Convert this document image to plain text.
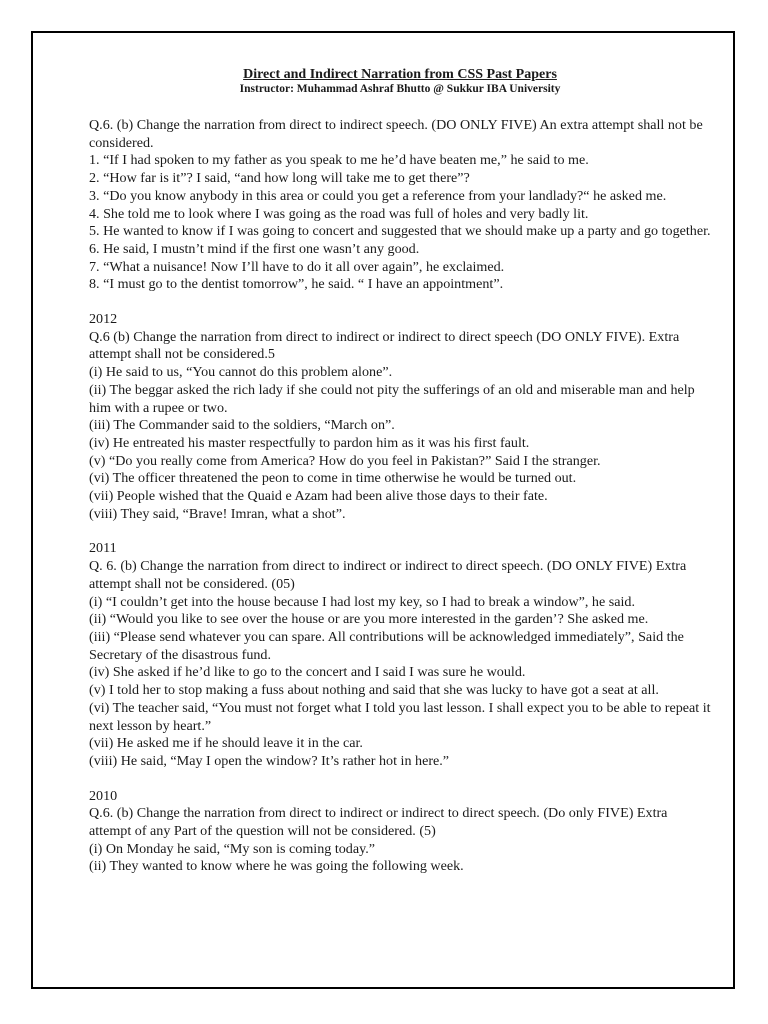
Direct and Indirect Narration from CSS Past Papers

Instructor: Muhammad Ashraf Bhutto @ Sukkur IBA University

Q.6. (b) Change the narration from direct to indirect speech. (DO ONLY FIVE) An extra attempt shall not be considered.

1. “If I had spoken to my father as you speak to me he’d have beaten me,” he said to me.

2. “How far is it”? I said, “and how long will take me to get there”?

3. “Do you know anybody in this area or could you get a reference from your landlady?“ he asked me.

4. She told me to look where I was going as the road was full of holes and very badly lit.

5. He wanted to know if I was going to concert and suggested that we should make up a party and go together.

6. He said, I mustn’t mind if the first one wasn’t any good.

7. “What a nuisance! Now I’ll have to do it all over again”, he exclaimed.

8. “I must go to the dentist tomorrow”, he said. “ I have an appointment”.

2012

Q.6 (b) Change the narration from direct to indirect or indirect to direct speech (DO ONLY FIVE). Extra attempt shall not be considered.5

(i) He said to us, “You cannot do this problem alone”.

(ii) The beggar asked the rich lady if she could not pity the sufferings of an old and miserable man and help him with a rupee or two.

(iii) The Commander said to the soldiers, “March on”.

(iv) He entreated his master respectfully to pardon him as it was his first fault.

(v) “Do you really come from America? How do you feel in Pakistan?” Said I the stranger.

(vi) The officer threatened the peon to come in time otherwise he would be turned out.

(vii) People wished that the Quaid e Azam had been alive those days to their fate.

(viii) They said, “Brave! Imran, what a shot”.

2011

Q. 6. (b) Change the narration from direct to indirect or indirect to direct speech. (DO ONLY FIVE) Extra attempt shall not be considered. (05)

(i) “I couldn’t get into the house because I had lost my key, so I had to break a window”, he said.

(ii) “Would you like to see over the house or are you more interested in the garden’? She asked me.

(iii) “Please send whatever you can spare. All contributions will be acknowledged immediately”, Said the Secretary of the disastrous fund.

(iv) She asked if he’d like to go to the concert and I said I was sure he would.

(v) I told her to stop making a fuss about nothing and said that she was lucky to have got a seat at all.

(vi) The teacher said, “You must not forget what I told you last lesson. I shall expect you to be able to repeat it next lesson by heart.”

(vii) He asked me if he should leave it in the car.

(viii) He said, “May I open the window? It’s rather hot in here.”

2010

Q.6. (b) Change the narration from direct to indirect or indirect to direct speech. (Do only FIVE) Extra attempt of any Part of the question will not be considered. (5)

(i) On Monday he said, “My son is coming today.”

(ii) They wanted to know where he was going the following week.
